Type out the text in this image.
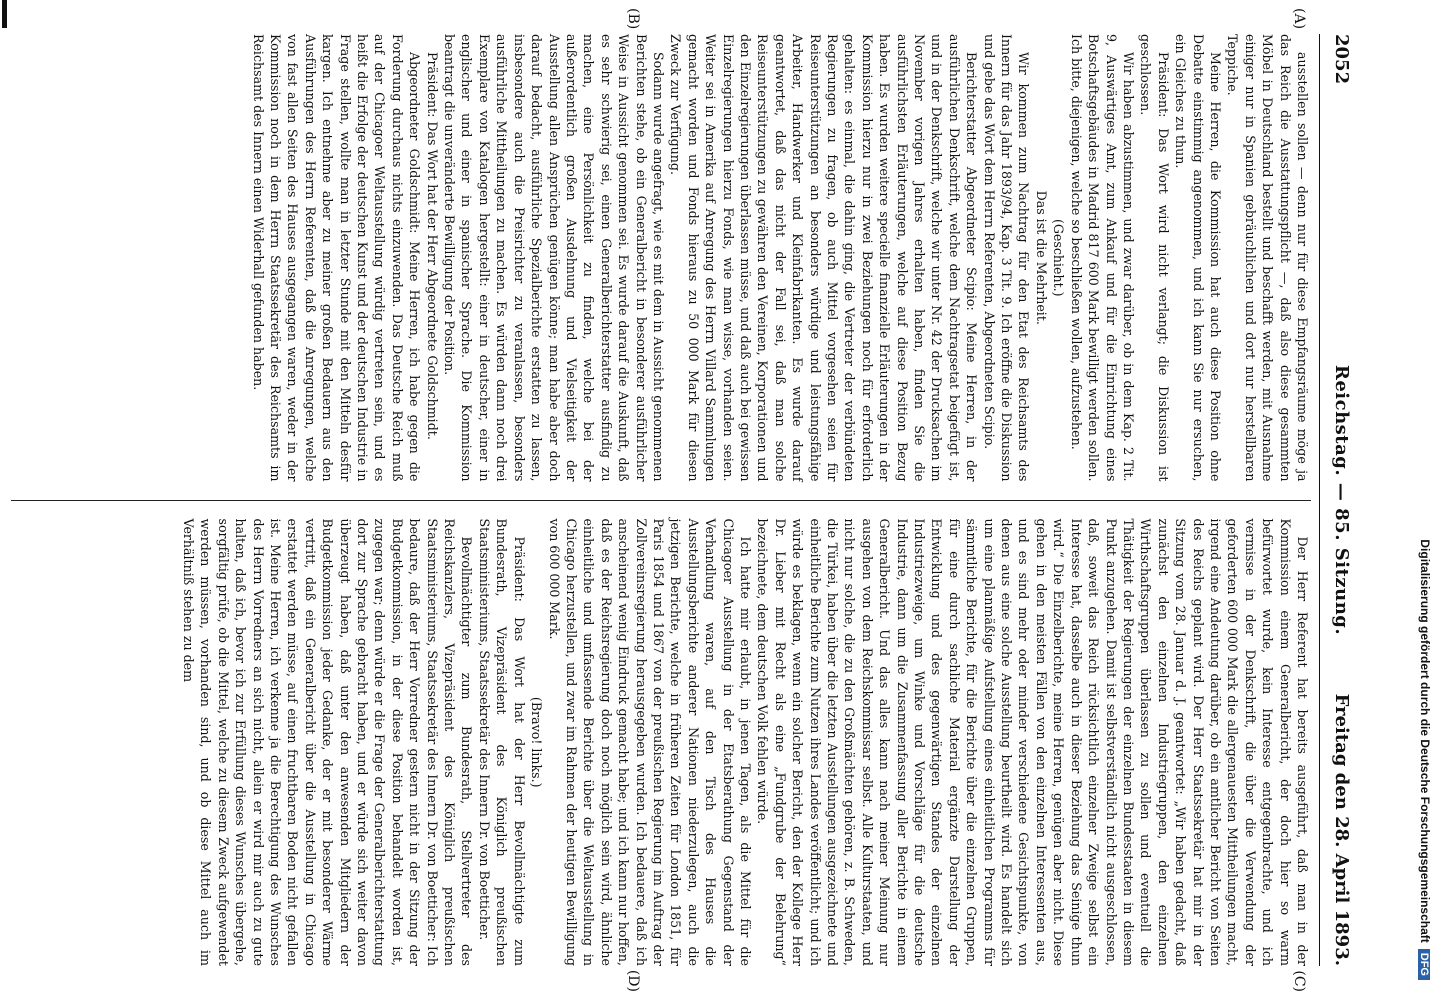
2052
Reichstag. — 85. Sitzung.
Freitag den 28. April 1893.
(A)
(B)

ausstellen sollen — denn nur für diese Empfangsräume möge ja das Reich die Ausstattungspflicht —, daß also diese gesammten Möbel in Deutschland bestellt und beschafft werden, mit Ausnahme einiger nur in Spanien gebräuchlichen und dort nur herstellbaren Teppiche.

Meine Herren, die Kommission hat auch diese Position ohne Debatte einstimmig angenommen, und ich kann Sie nur ersuchen, ein Gleiches zu thun.

Präsident: Das Wort wird nicht verlangt; die Diskussion ist geschlossen.

Wir haben abzustimmen, und zwar darüber, ob in dem Kap. 2 Tit. 9, Auswärtiges Amt, zum Ankauf und für die Einrichtung eines Botschaftsgebäudes in Madrid 817 600 Mark bewilligt werden sollen. Ich bitte, diejenigen, welche so beschließen wollen, aufzustehen.

(Geschieht.)

Das ist die Mehrheit.

Wir kommen zum Nachtrag für den Etat des Reichsamts des Innern für das Jahr 1893/94, Kap. 3 Tit. 9. Ich eröffne die Diskussion und gebe das Wort dem Herrn Referenten, Abgeordneten Scipio.

Berichterstatter Abgeordneter Scipio: Meine Herren, in der ausführlichen Denkschrift, welche dem Nachtragsetat beigefügt ist, und in der Denkschrift, welche wir unter Nr. 42 der Drucksachen im November vorigen Jahres erhalten haben, finden Sie die ausführlichsten Erläuterungen, welche auf diese Position Bezug haben. Es wurden weitere specielle finanzielle Erläuterungen in der Kommission hierzu nur in zwei Beziehungen noch für erforderlich gehalten: es einmal, die dahin ging, die Vertreter der verbündeten Regierungen zu fragen, ob auch Mittel vorgesehen seien für Reiseunterstützungen an besonders würdige und leistungsfähige Arbeiter, Handwerker und Kleinfabrikanten. Es wurde darauf geantwortet, daß das nicht der Fall sei, daß man solche Reiseunterstützungen zu gewähren den Vereinen, Korporationen und den Einzelregierungen überlassen müsse, und daß auch bei gewissen Einzelregierungen hierzu Fonds, wie man wisse, vorhanden seien. Weiter sei in Amerika auf Anregung des Herrn Villard Sammlungen gemacht worden und Fonds hieraus zu 50 000 Mark für diesen Zweck zur Verfügung.

Sodann wurde angefragt, wie es mit dem in Aussicht genommenen Berichten stehe, ob ein Generalbericht in besonderer ausführlicher Weise in Aussicht genommen sei. Es wurde darauf die Auskunft, daß es sehr schwierig sei, einen Generalberichterstatter ausfindig zu machen, eine Persönlichkeit zu finden, welche bei der außerordentlich großen Ausdehnung und Vielseitigkeit der Ausstellung allen Ansprüchen genügen könne; man habe aber doch darauf bedacht, ausführliche Spezialberichte erstatten zu lassen, insbesondere auch die Preisrichter zu veranlassen, besonders ausführliche Mittheilungen zu machen. Es würden dann noch drei Exemplare von Katalogen hergestellt: einer in deutscher, einer in englischer und einer in spanischer Sprache. Die Kommission beantragt die unveränderte Bewilligung der Position.

Präsident: Das Wort hat der Herr Abgeordnete Goldschmidt.

Abgeordneter Goldschmidt: Meine Herren, ich habe gegen die Forderung durchaus nichts einzuwenden. Das Deutsche Reich muß auf der Chicagoer Weltausstellung würdig vertreten sein, und es heißt die Erfolge der deutschen Kunst und der deutschen Industrie in Frage stellen, wollte man in letzter Stunde mit den Mitteln desfür kargen. Ich entnehme aber zu meiner großen Bedauern aus den Ausführungen des Herrn Referenten, daß die Anregungen, welche von fast allen Seiten des Hauses ausgegangen waren, weder in der Kommission noch in dem Herrn Staatssekretär des Reichsamts im Reichsamt des Innern einen Widerhall gefunden haben.

(C)
(D)

Der Herr Referent hat bereits ausgeführt, daß man in der Kommission einem Generalbericht, der doch hier so warm befürwortet wurde, kein Interesse entgegenbrachte, und ich vermisse in der Denkschrift, die über die Verwendung der geforderten 600 000 Mark die allergenauesten Mittheilungen macht, irgend eine Andeutung darüber, ob ein amtlicher Bericht von Seiten des Reichs geplant wird. Der Herr Staatssekretär hat mir in der Sitzung vom 28. Januar d. J. geantwortet: „Wir haben gedacht, daß zunächst den einzelnen Industriegruppen, den einzelnen Wirthschaftsgruppen überlassen zu sollen und eventuell die Thätigkeit der Regierungen der einzelnen Bundesstaaten in diesem Punkt anzugehen. Damit ist selbstverständlich nicht ausgeschlossen, daß, soweit das Reich rücksichtlich einzelner Zweige selbst ein Interesse hat, dasselbe auch in dieser Beziehung das Seinige thun wird.“ Die Einzelberichte, meine Herren, genügen aber nicht. Diese gehen in den meisten Fällen von den einzelnen Interessenten aus, und es sind mehr oder minder verschiedene Gesichtspunkte, von denen aus eine solche Ausstellung beurtheilt wird. Es handelt sich um eine planmäßige Aufstellung eines einheitlichen Programms für sämmtliche Berichte, für die Berichte über die einzelnen Gruppen, für eine durch sachliche Material ergänzte Darstellung der Entwicklung und des gegenwärtigen Standes der einzelnen Industriezweige, um Winke und Vorschläge für die deutsche Industrie, dann um die Zusammenfassung aller Berichte in einem Generalbericht. Und das alles kann nach meiner Meinung nur ausgehen von dem Reichskommissar selbst. Alle Kulturstaaten, und nicht nur solche, die zu den Großmächten gehören, z. B. Schweden, die Türkei, haben über die letzten Ausstellungen ausgezeichnete und einheitliche Berichte zum Nutzen ihres Landes veröffentlicht; und ich würde es beklagen, wenn ein solcher Bericht, den der Kollege Herr Dr. Lieber mit Recht als eine „Fundgrube der Belehrung“ bezeichnete, dem deutschen Volk fehlen würde.

Ich hatte mir erlaubt, in jenen Tagen, als die Mittel für die Chicagoer Ausstellung in der Etatsberathung Gegenstand der Verhandlung waren, auf den Tisch des Hauses die Ausstellungsberichte anderer Nationen niederzulegen, auch die jetzigen Berichte, welche in früheren Zeiten für London 1851, für Paris 1854 und 1867 von der preußischen Regierung im Auftrag der Zollvereinsregierung herausgegeben wurden. Ich bedauere, daß ich anscheinend wenig Eindruck gemacht habe; und ich kann nur hoffen, daß es der Reichsregierung doch noch möglich sein wird, ähnliche einheitliche und umfassende Berichte über die Weltausstellung in Chicago herzustellen, und zwar im Rahmen der heutigen Bewilligung von 600 000 Mark.

(Bravo! links.)

Präsident: Das Wort hat der Herr Bevollmächtigte zum Bundesrath, Vizepräsident des Königlich preußischen Staatsministeriums, Staatssekretär des Innern Dr. von Boetticher.

Bevollmächtigter zum Bundesrath, Stellvertreter des Reichskanzlers, Vizepräsident des Königlich preußischen Staatsministeriums, Staatssekretär des Innern Dr. von Boetticher: Ich bedaure, daß der Herr Vorredner gestern nicht in der Sitzung der Budgetkommission, in der diese Position behandelt worden ist, zugegen war; denn würde er die Frage der Generalberichterstattung dort zur Sprache gebracht haben, und er würde sich weiter davon überzeugt haben, daß unter den anwesenden Mitgliedern der Budgetkommission jeder Gedanke, der er mit besonderer Wärme vertritt, daß ein Generalbericht über die Ausstellung in Chicago erstattet werden müsse, auf einen fruchtbaren Boden nicht gefallen ist. Meine Herren, ich verkenne ja die Berechtigung des Wunsches des Herrn Vorredners an sich nicht, allein er wird mir auch zu gute halten, daß ich, bevor ich zur Erfüllung dieses Wunsches übergehe, sorgfältig prüfe, ob die Mittel, welche zu diesem Zweck aufgewendet werden müssen, vorhanden sind, und ob diese Mittel auch im Verhältniß stehen zu dem	Digitalisierung gefördert durch die Deutsche ForschungsgemeinschaftDFG
